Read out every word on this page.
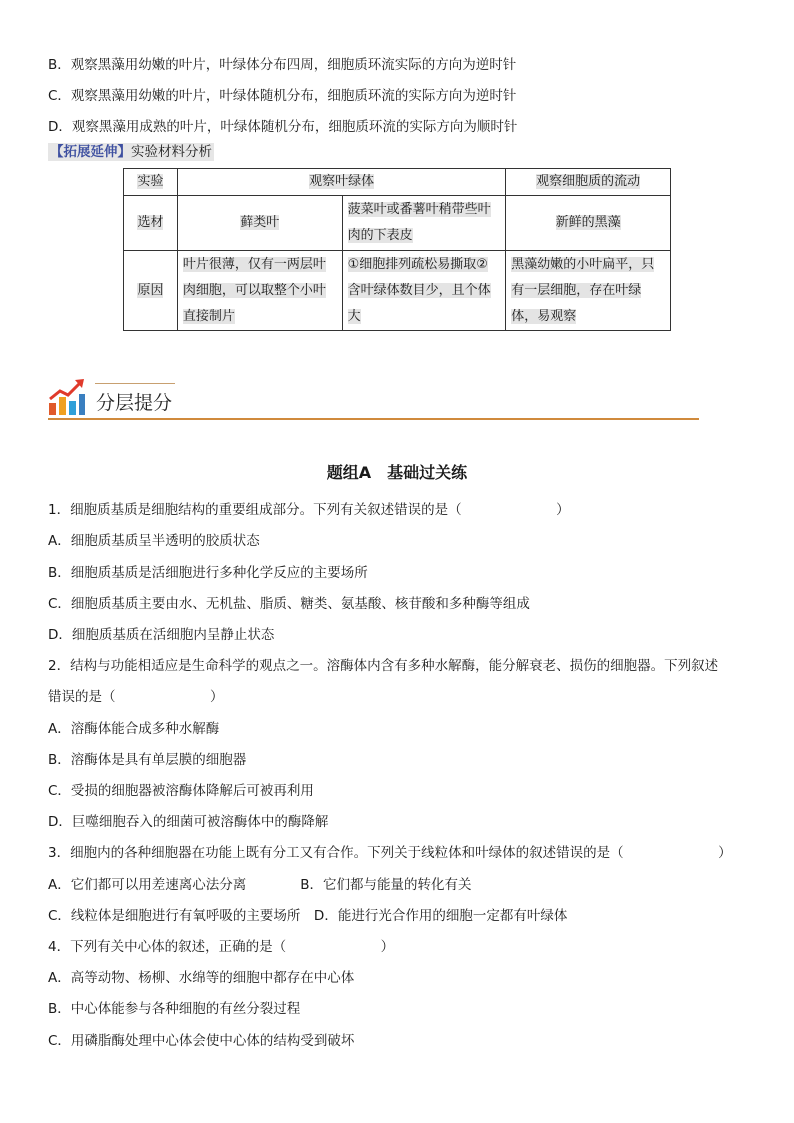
B．观察黑藻用幼嫩的叶片，叶绿体分布四周，细胞质环流实际的方向为逆时针
C．观察黑藻用幼嫩的叶片，叶绿体随机分布，细胞质环流的实际方向为逆时针
D．观察黑藻用成熟的叶片，叶绿体随机分布，细胞质环流的实际方向为顺时针
【拓展延伸】实验材料分析
实验	观察叶绿体		观察细胞质的流动
选材	藓类叶	菠菜叶或番薯叶稍带些叶肉的下表皮	新鲜的黑藻
原因	叶片很薄，仅有一两层叶肉细胞，可以取整个小叶直接制片	①细胞排列疏松易撕取②含叶绿体数目少，且个体大	黑藻幼嫩的小叶扁平，只有一层细胞，存在叶绿体，易观察
分层提分
题组A　基础过关练
1．细胞质基质是细胞结构的重要组成部分。下列有关叙述错误的是（　　　　　　　）
A．细胞质基质呈半透明的胶质状态
B．细胞质基质是活细胞进行多种化学反应的主要场所
C．细胞质基质主要由水、无机盐、脂质、糖类、氨基酸、核苷酸和多种酶等组成
D．细胞质基质在活细胞内呈静止状态
2．结构与功能相适应是生命科学的观点之一。溶酶体内含有多种水解酶，能分解衰老、损伤的细胞器。下列叙述
错误的是（　　　　　　　）
A．溶酶体能合成多种水解酶
B．溶酶体是具有单层膜的细胞器
C．受损的细胞器被溶酶体降解后可被再利用
D．巨噬细胞吞入的细菌可被溶酶体中的酶降解
3．细胞内的各种细胞器在功能上既有分工又有合作。下列关于线粒体和叶绿体的叙述错误的是（　　　　　　　）
A．它们都可以用差速离心法分离　　　　B．它们都与能量的转化有关
C．线粒体是细胞进行有氧呼吸的主要场所　D．能进行光合作用的细胞一定都有叶绿体
4．下列有关中心体的叙述，正确的是（　　　　　　　）
A．高等动物、杨柳、水绵等的细胞中都存在中心体
B．中心体能参与各种细胞的有丝分裂过程
C．用磷脂酶处理中心体会使中心体的结构受到破坏
